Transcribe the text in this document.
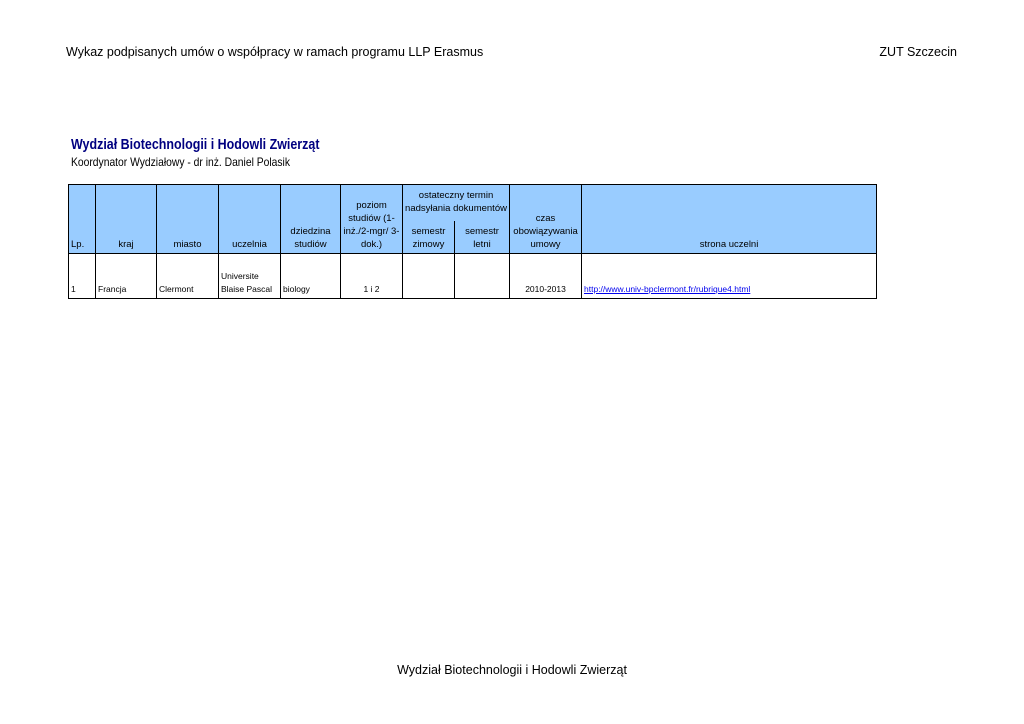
Wykaz podpisanych umów o współpracy w ramach programu LLP Erasmus	ZUT Szczecin
Wydział Biotechnologii i Hodowli Zwierząt
Koordynator Wydziałowy - dr inż. Daniel Polasik
Lp.	kraj	miasto	uczelnia	dziedzina studiów	poziom studiów (1-inż./2-mgr/ 3- dok.)	ostateczny termin nadsyłania dokumentów		czas obowiązywania umowy	strona uczelni
						semestr zimowy	semestr letni		
1	Francja	Clermont	Universite Blaise Pascal	biology	1 i 2			2010-2013	http://www.univ-bpclermont.fr/rubrique4.html
Wydział Biotechnologii i Hodowli Zwierząt
